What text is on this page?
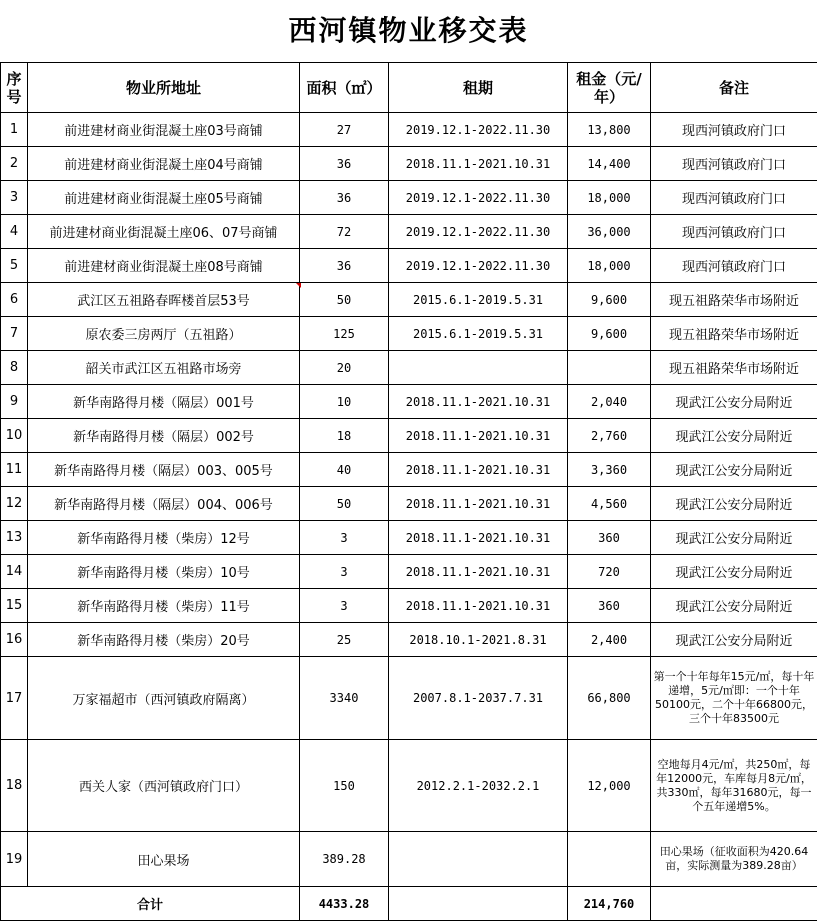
西河镇物业移交表
序号	物业所地址	面积（㎡）	租期	租金（元/年）	备注
1	前进建材商业街混凝土座03号商铺	27	2019.12.1-2022.11.30	13,800	现西河镇政府门口
2	前进建材商业街混凝土座04号商铺	36	2018.11.1-2021.10.31	14,400	现西河镇政府门口
3	前进建材商业街混凝土座05号商铺	36	2019.12.1-2022.11.30	18,000	现西河镇政府门口
4	前进建材商业街混凝土座06、07号商铺	72	2019.12.1-2022.11.30	36,000	现西河镇政府门口
5	前进建材商业街混凝土座08号商铺	36	2019.12.1-2022.11.30	18,000	现西河镇政府门口
6	武江区五祖路春晖楼首层53号	50	2015.6.1-2019.5.31	9,600	现五祖路荣华市场附近
7	原农委三房两厅（五祖路）	125	2015.6.1-2019.5.31	9,600	现五祖路荣华市场附近
8	韶关市武江区五祖路市场旁	20			现五祖路荣华市场附近
9	新华南路得月楼（隔层）001号	10	2018.11.1-2021.10.31	2,040	现武江公安分局附近
10	新华南路得月楼（隔层）002号	18	2018.11.1-2021.10.31	2,760	现武江公安分局附近
11	新华南路得月楼（隔层）003、005号	40	2018.11.1-2021.10.31	3,360	现武江公安分局附近
12	新华南路得月楼（隔层）004、006号	50	2018.11.1-2021.10.31	4,560	现武江公安分局附近
13	新华南路得月楼（柴房）12号	3	2018.11.1-2021.10.31	360	现武江公安分局附近
14	新华南路得月楼（柴房）10号	3	2018.11.1-2021.10.31	720	现武江公安分局附近
15	新华南路得月楼（柴房）11号	3	2018.11.1-2021.10.31	360	现武江公安分局附近
16	新华南路得月楼（柴房）20号	25	2018.10.1-2021.8.31	2,400	现武江公安分局附近
17	万家福超市（西河镇政府隔离）	3340	2007.8.1-2037.7.31	66,800	第一个十年每年15元/㎡，每十年递增，5元/㎡即：一个十年50100元，二个十年66800元，三个十年83500元
18	西关人家（西河镇政府门口）	150	2012.2.1-2032.2.1	12,000	空地每月4元/㎡，共250㎡，每年12000元，车库每月8元/㎡，共330㎡，每年31680元，每一个五年递增5%。
19	田心果场	389.28			田心果场（征收面积为420.64亩，实际测量为389.28亩）
合计		4433.28		214,760	
